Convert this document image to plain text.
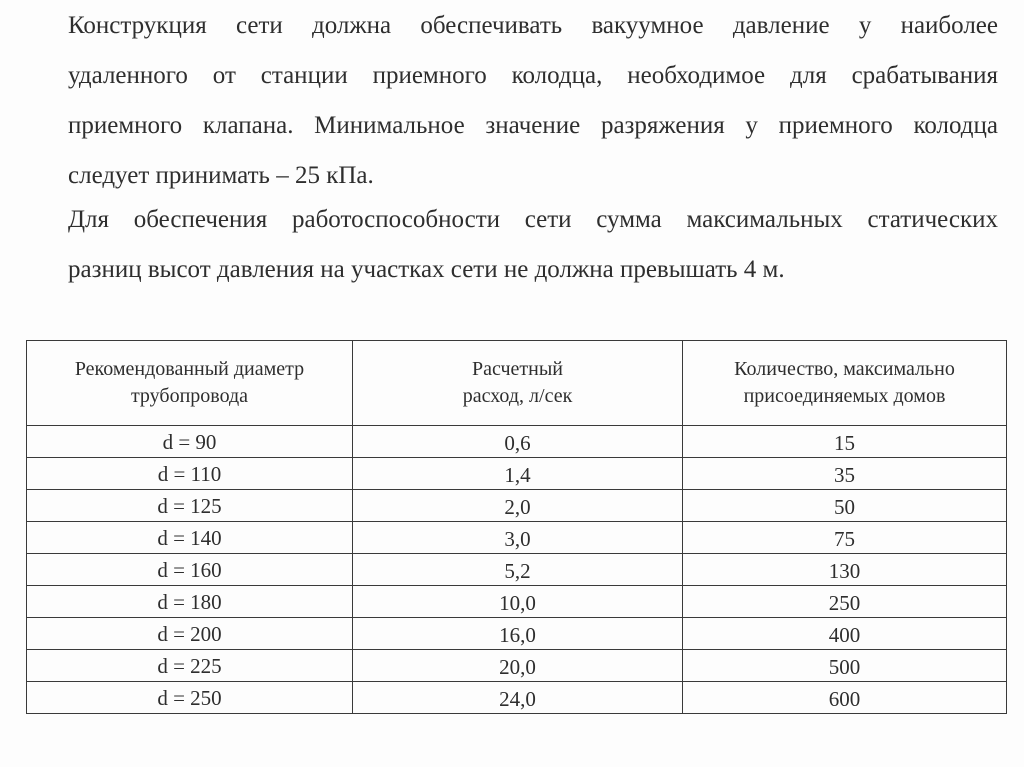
Конструкция сети должна обеспечивать вакуумное давление у наиболее
удаленного от станции приемного колодца, необходимое для срабатывания
приемного клапана. Минимальное значение разряжения у приемного колодца
следует принимать – 25 кПа.
Для обеспечения работоспособности сети сумма максимальных статических
разниц высот давления на участках сети не должна превышать 4 м.
Рекомендованный диаметр трубопровода	Расчетный расход, л/сек	Количество, максимально присоединяемых домов
d = 90	0,6	15
d = 110	1,4	35
d = 125	2,0	50
d = 140	3,0	75
d = 160	5,2	130
d = 180	10,0	250
d = 200	16,0	400
d = 225	20,0	500
d = 250	24,0	600
